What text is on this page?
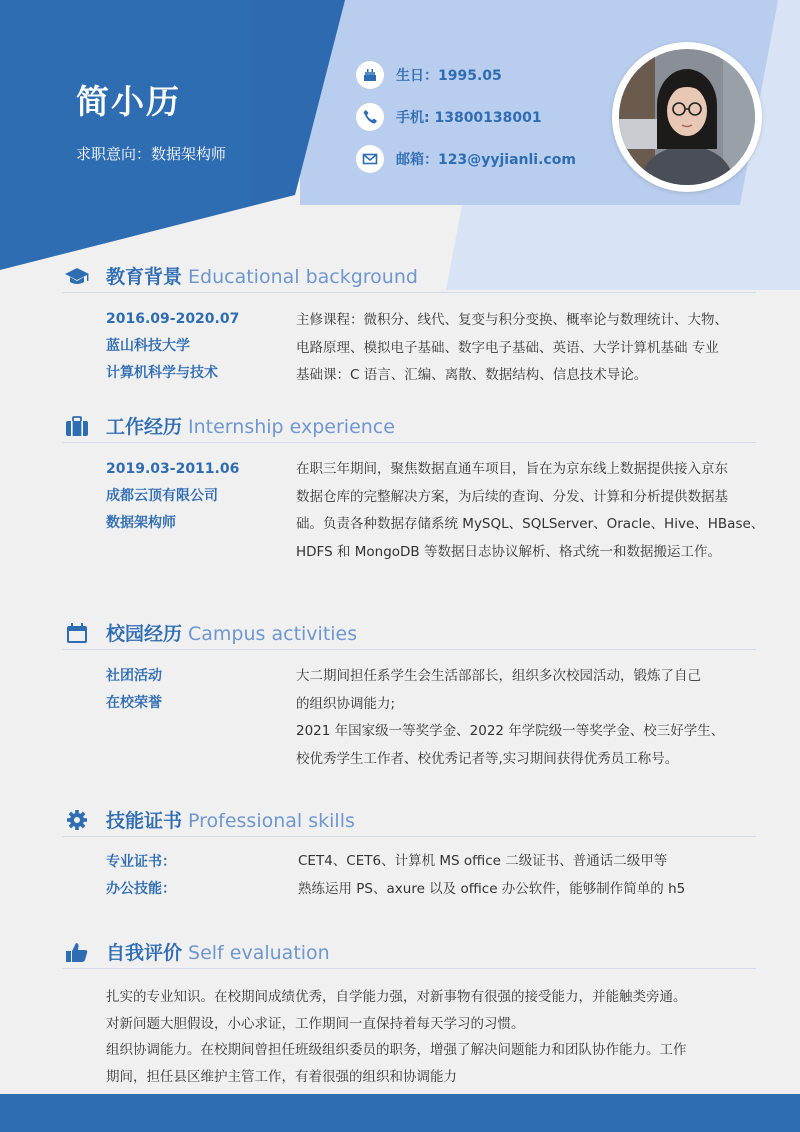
简小历
求职意向：数据架构师
生日：1995.05
手机: 13800138001
邮箱：123@yyjianli.com
教育背景 Educational background

2016.09-2020.07

蓝山科技大学

计算机科学与技术

主修课程：微积分、线代、复变与积分变换、概率论与数理统计、大物、

电路原理、模拟电子基础、数字电子基础、英语、大学计算机基础 专业

基础课：C 语言、汇编、离散、数据结构、信息技术导论。

工作经历 Internship experience

2019.03-2011.06

成都云顶有限公司

数据架构师

在职三年期间，聚焦数据直通车项目，旨在为京东线上数据提供接入京东

数据仓库的完整解决方案，为后续的查询、分发、计算和分析提供数据基

础。负责各种数据存储系统 MySQL、SQLServer、Oracle、Hive、HBase、

HDFS 和 MongoDB 等数据日志协议解析、格式统一和数据搬运工作。

校园经历 Campus activities

社团活动

在校荣誉

大二期间担任系学生会生活部部长，组织多次校园活动，锻炼了自己

的组织协调能力;

2021 年国家级一等奖学金、2022 年学院级一等奖学金、校三好学生、

校优秀学生工作者、校优秀记者等,实习期间获得优秀员工称号。

技能证书 Professional skills

专业证书：

办公技能：

CET4、CET6、计算机 MS office 二级证书、普通话二级甲等

熟练运用 PS、axure 以及 office 办公软件，能够制作简单的 h5

自我评价 Self evaluation

扎实的专业知识。在校期间成绩优秀，自学能力强，对新事物有很强的接受能力，并能触类旁通。

对新问题大胆假设，小心求证，工作期间一直保持着每天学习的习惯。

组织协调能力。在校期间曾担任班级组织委员的职务，增强了解决问题能力和团队协作能力。工作

期间，担任县区维护主管工作，有着很强的组织和协调能力
